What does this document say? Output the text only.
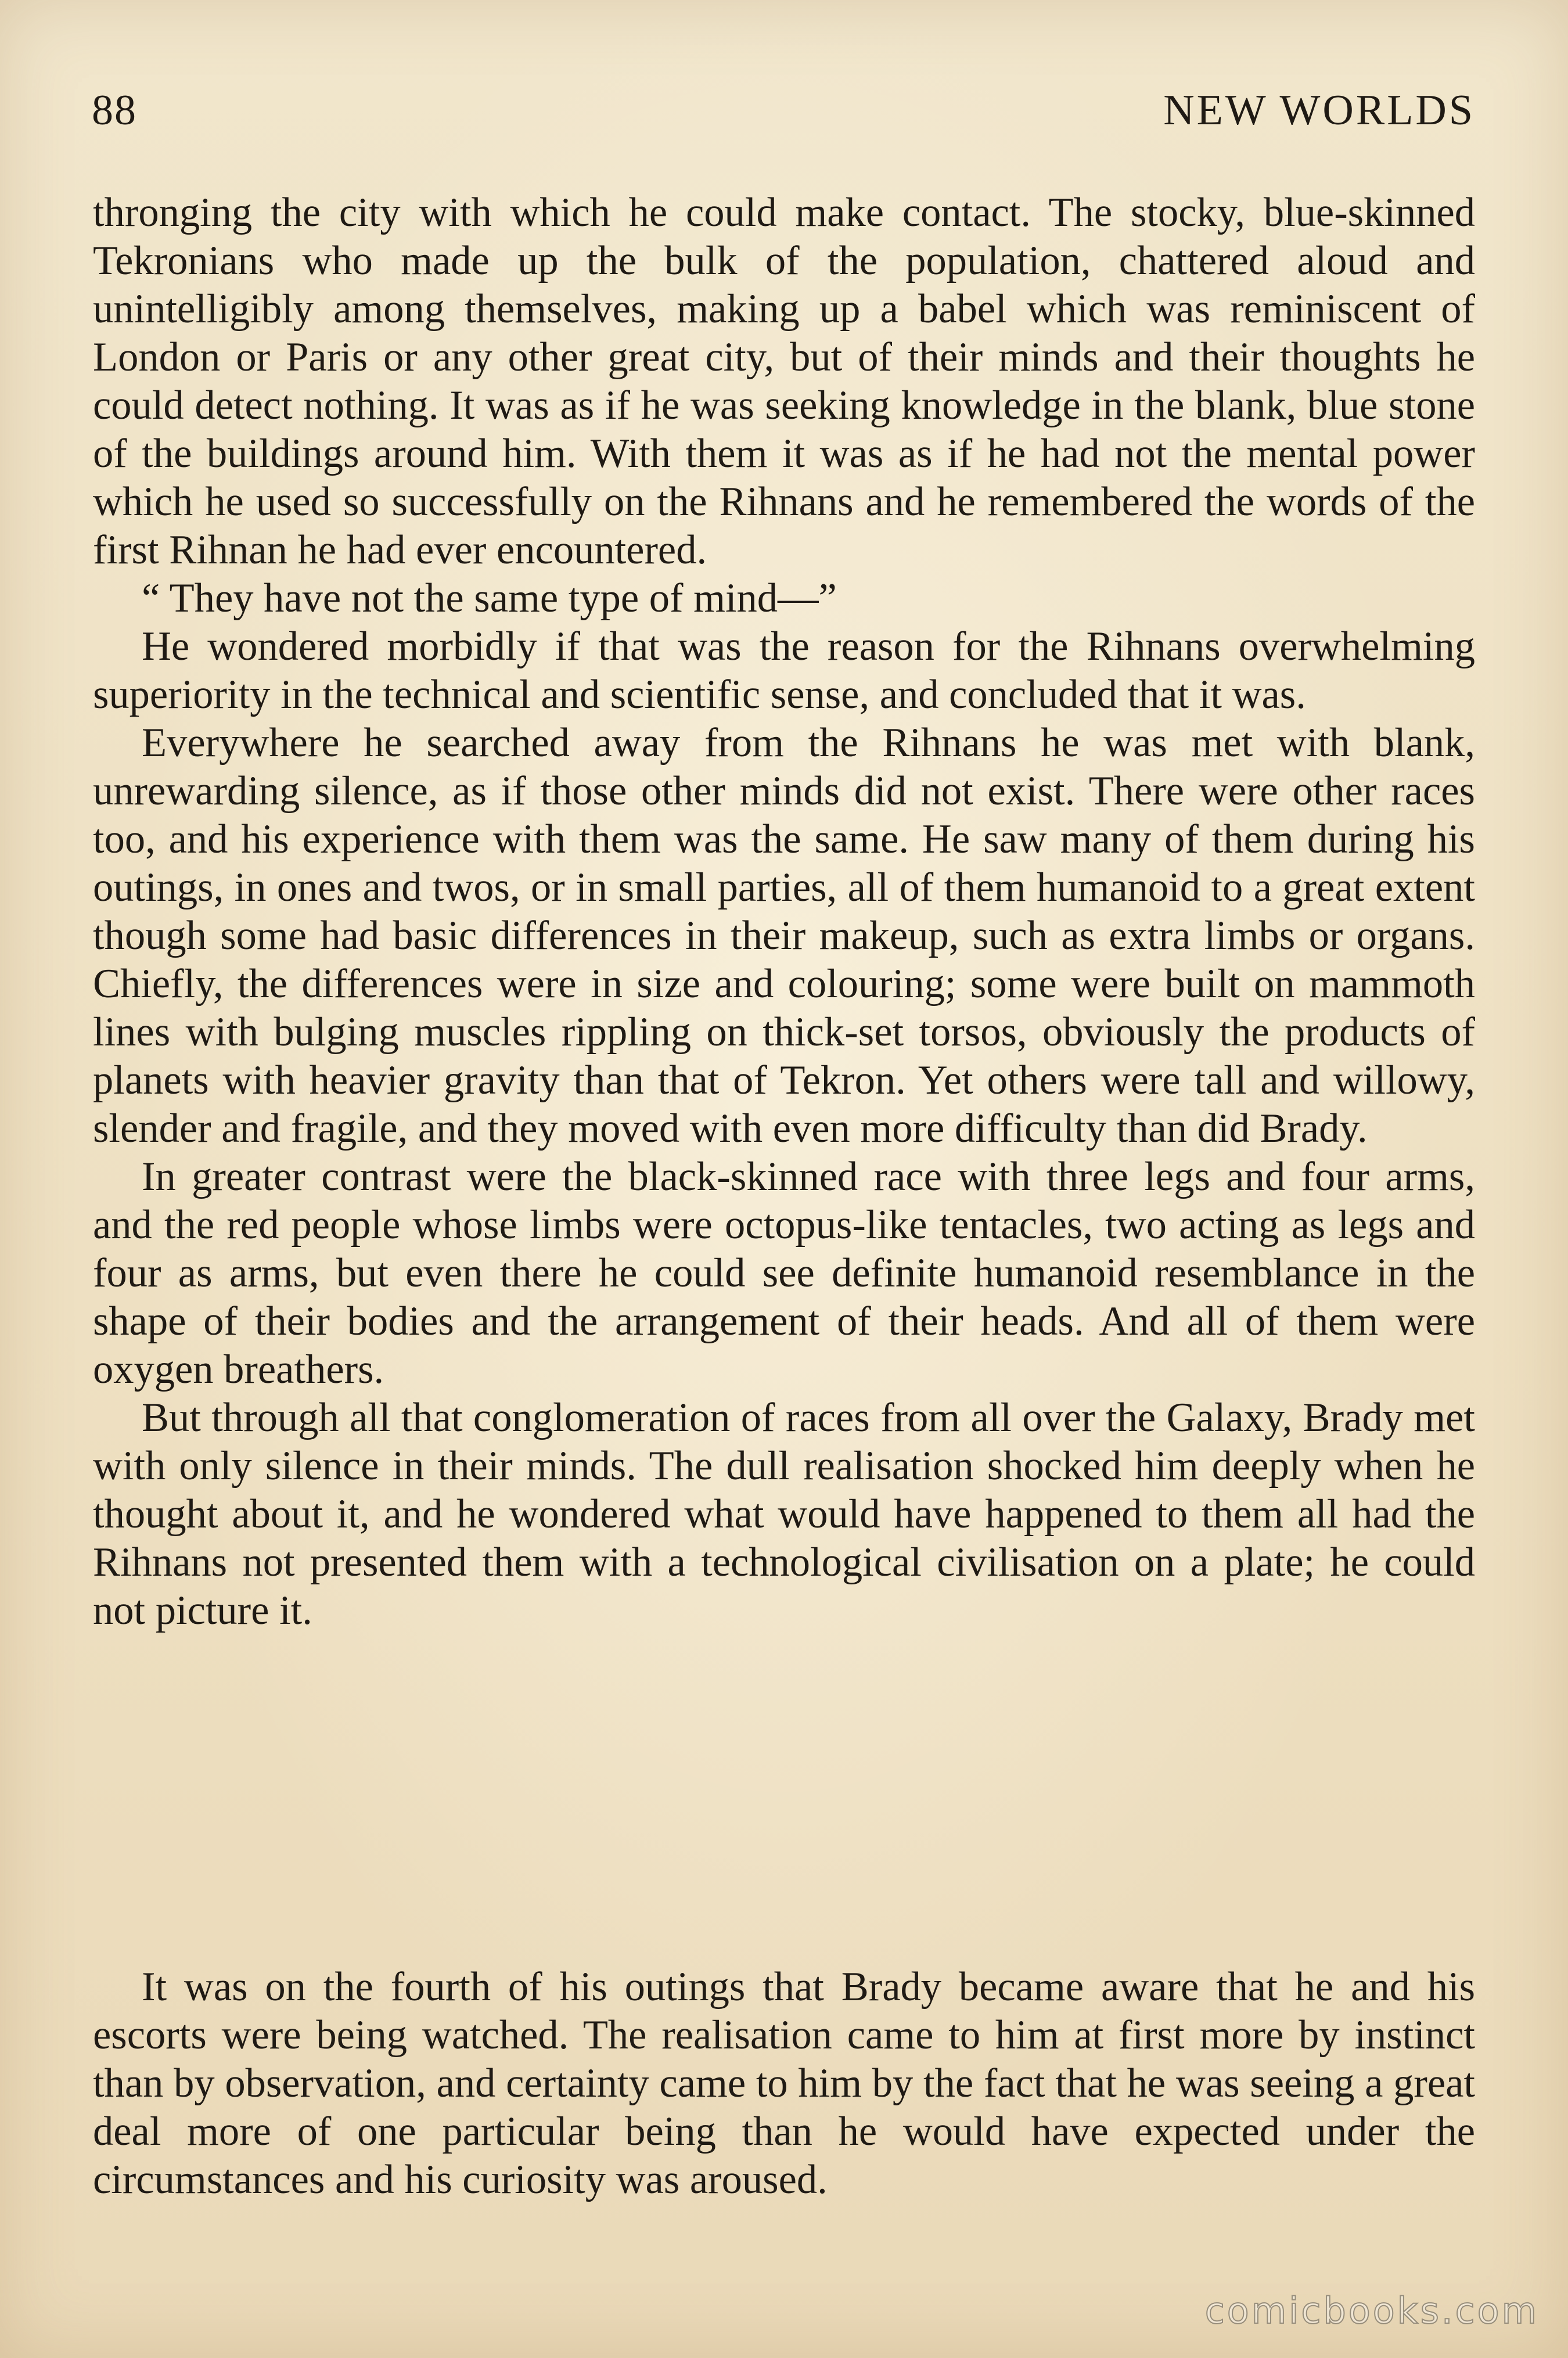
88	NEW WORLDS

thronging the city with which he could make contact. The stocky, blue-skinned Tekronians who made up the bulk of the population, chattered aloud and unintelligibly among themselves, making up a babel which was reminiscent of London or Paris or any other great city, but of their minds and their thoughts he could detect nothing. It was as if he was seeking knowledge in the blank, blue stone of the buildings around him. With them it was as if he had not the mental power which he used so successfully on the Rihnans and he remembered the words of the first Rihnan he had ever encountered.

“ They have not the same type of mind—”

He wondered morbidly if that was the reason for the Rihnans overwhelming superiority in the technical and scientific sense, and concluded that it was.

Everywhere he searched away from the Rihnans he was met with blank, unrewarding silence, as if those other minds did not exist. There were other races too, and his experience with them was the same. He saw many of them during his outings, in ones and twos, or in small parties, all of them humanoid to a great extent though some had basic differences in their makeup, such as extra limbs or organs. Chiefly, the differences were in size and colouring; some were built on mammoth lines with bulging muscles rippling on thick-set torsos, obviously the products of planets with heavier gravity than that of Tekron. Yet others were tall and willowy, slender and fragile, and they moved with even more difficulty than did Brady.

In greater contrast were the black-skinned race with three legs and four arms, and the red people whose limbs were octopus-like tentacles, two acting as legs and four as arms, but even there he could see definite humanoid resemblance in the shape of their bodies and the arrangement of their heads. And all of them were oxygen breathers.

But through all that conglomeration of races from all over the Galaxy, Brady met with only silence in their minds. The dull realisation shocked him deeply when he thought about it, and he wondered what would have happened to them all had the Rihnans not presented them with a technological civilisation on a plate; he could not picture it.

It was on the fourth of his outings that Brady became aware that he and his escorts were being watched. The realisation came to him at first more by instinct than by observation, and certainty came to him by the fact that he was seeing a great deal more of one particular being than he would have expected under the circumstances and his curiosity was aroused.

comicbooks.com
